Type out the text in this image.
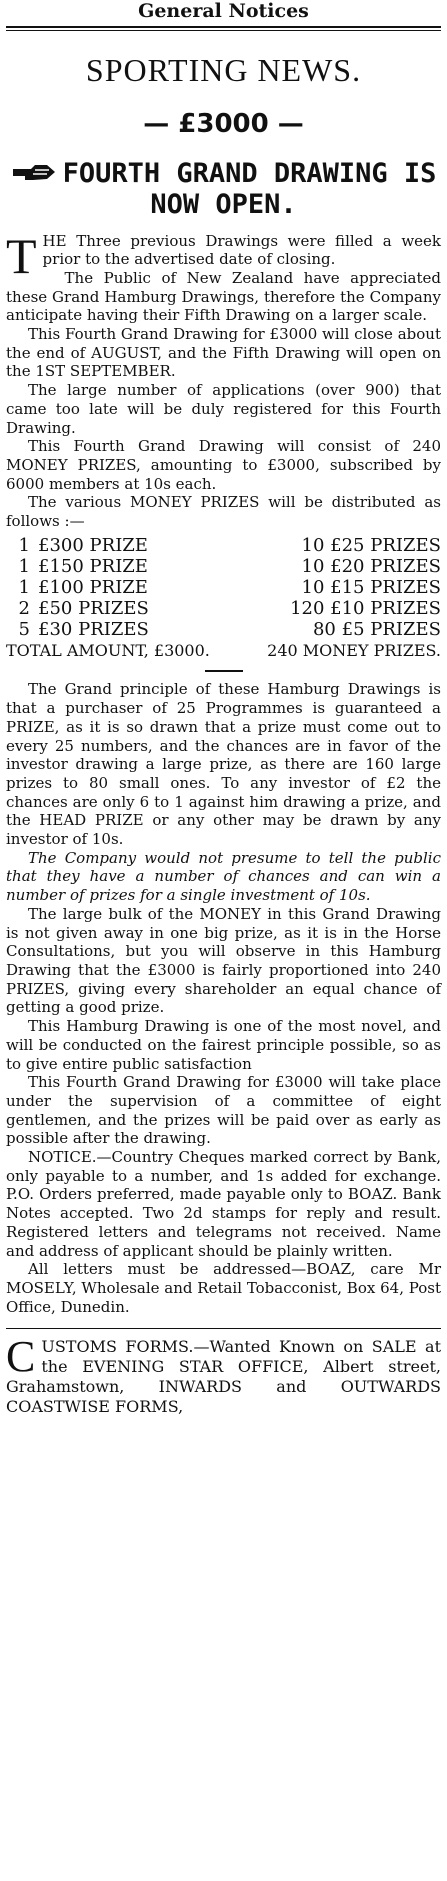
General Notices
SPORTING NEWS.
— £3000 —
FOURTH GRAND DRAWING IS
NOW OPEN.
T HE Three previous Drawings were filled a week prior to the advertised date of closing.

The Public of New Zealand have appreciated these Grand Hamburg Drawings, therefore the Company anticipate having their Fifth Drawing on a larger scale.

This Fourth Grand Drawing for £3000 will close about the end of AUGUST, and the Fifth Drawing will open on the 1ST SEPTEMBER.

The large number of applications (over 900) that came too late will be duly registered for this Fourth Drawing.

This Fourth Grand Drawing will consist of 240 MONEY PRIZES, amounting to £3000, subscribed by 6000 members at 10s each.

The various MONEY PRIZES will be distributed as follows :—

1	£300 PRIZE	10 £25 PRIZES
1	£150 PRIZE	10 £20 PRIZES
1	£100 PRIZE	10 £15 PRIZES
2	£50 PRIZES	120 £10 PRIZES
5	£30 PRIZES	80 £5 PRIZES
TOTAL AMOUNT, £3000.	240 MONEY PRIZES.

The Grand principle of these Hamburg Drawings is that a purchaser of 25 Programmes is guaranteed a PRIZE, as it is so drawn that a prize must come out to every 25 numbers, and the chances are in favor of the investor drawing a large prize, as there are 160 large prizes to 80 small ones. To any investor of £2 the chances are only 6 to 1 against him drawing a prize, and the HEAD PRIZE or any other may be drawn by any investor of 10s.

The Company would not presume to tell the public that they have a number of chances and can win a number of prizes for a single investment of 10s.

The large bulk of the MONEY in this Grand Drawing is not given away in one big prize, as it is in the Horse Consultations, but you will observe in this Hamburg Drawing that the £3000 is fairly proportioned into 240 PRIZES, giving every shareholder an equal chance of getting a good prize.

This Hamburg Drawing is one of the most novel, and will be conducted on the fairest principle possible, so as to give entire public satisfaction

This Fourth Grand Drawing for £3000 will take place under the supervision of a committee of eight gentlemen, and the prizes will be paid over as early as possible after the drawing.

NOTICE.—Country Cheques marked correct by Bank, only payable to a number, and 1s added for exchange. P.O. Orders preferred, made payable only to BOAZ. Bank Notes accepted. Two 2d stamps for reply and result. Registered letters and telegrams not received. Name and address of applicant should be plainly written.

All letters must be addressed—BOAZ, care Mr MOSELY, Wholesale and Retail Tobacconist, Box 64, Post Office, Dunedin.

C USTOMS FORMS.—Wanted Known on SALE at the EVENING STAR OFFICE, Albert street, Grahamstown, INWARDS and OUTWARDS COASTWISE FORMS,
